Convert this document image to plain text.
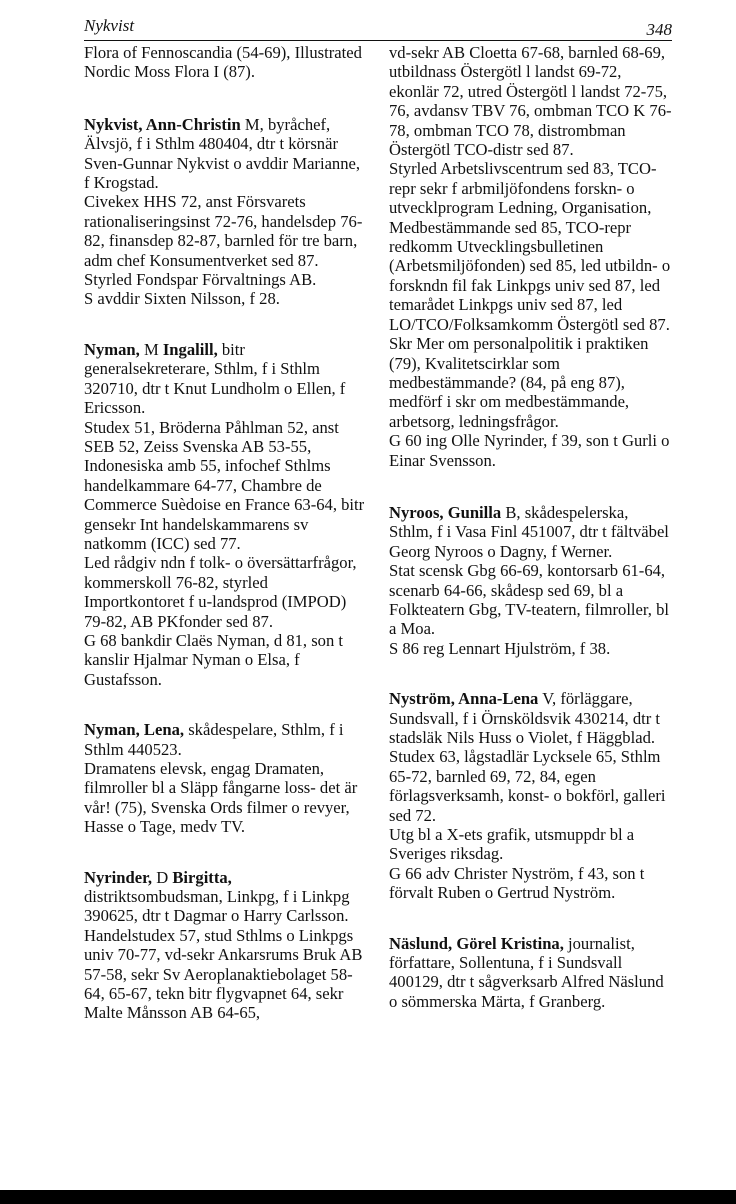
Nykvist	348

Flora of Fennoscandia (54-69), Illustrated Nordic Moss Flora I (87).

Nykvist, Ann-Christin M, byråchef, Älvsjö, f i Sthlm 480404, dtr t körsnär Sven-Gunnar Nykvist o avddir Marianne, f Krogstad.

Civekex HHS 72, anst Försvarets rationaliseringsinst 72-76, handelsdep 76-82, finansdep 82-87, barnled för tre barn, adm chef Konsumentverket sed 87.

Styrled Fondspar Förvaltnings AB.

S avddir Sixten Nilsson, f 28.

Nyman, M Ingalill, bitr generalsekreterare, Sthlm, f i Sthlm 320710, dtr t Knut Lundholm o Ellen, f Ericsson.

Studex 51, Bröderna Påhlman 52, anst SEB 52, Zeiss Svenska AB 53-55, Indonesiska amb 55, infochef Sthlms handelkammare 64-77, Chambre de Commerce Suèdoise en France 63-64, bitr gensekr Int handelskammarens sv natkomm (ICC) sed 77.

Led rådgiv ndn f tolk- o översättarfrågor, kommerskoll 76-82, styrled Importkontoret f u-landsprod (IMPOD) 79-82, AB PKfonder sed 87.

G 68 bankdir Claës Nyman, d 81, son t kanslir Hjalmar Nyman o Elsa, f Gustafsson.

Nyman, Lena, skådespelare, Sthlm, f i Sthlm 440523.

Dramatens elevsk, engag Dramaten, filmroller bl a Släpp fångarne loss- det är vår! (75), Svenska Ords filmer o revyer, Hasse o Tage, medv TV.

Nyrinder, D Birgitta, distriktsombudsman, Linkpg, f i Linkpg 390625, dtr t Dagmar o Harry Carlsson.

Handelstudex 57, stud Sthlms o Linkpgs univ 70-77, vd-sekr Ankarsrums Bruk AB 57-58, sekr Sv Aeroplanaktiebolaget 58-64, 65-67, tekn bitr flygvapnet 64, sekr Malte Månsson AB 64-65,

vd-sekr AB Cloetta 67-68, barnled 68-69, utbildnass Östergötl l landst 69-72, ekonlär 72, utred Östergötl l landst 72-75, 76, avdansv TBV 76, ombman TCO K 76-78, ombman TCO 78, distrombman Östergötl TCO-distr sed 87.

Styrled Arbetslivscentrum sed 83, TCO-repr sekr f arbmiljöfondens forskn- o utvecklprogram Ledning, Organisation, Medbestämmande sed 85, TCO-repr redkomm Utvecklingsbulletinen (Arbetsmiljöfonden) sed 85, led utbildn- o forskndn fil fak Linkpgs univ sed 87, led temarådet Linkpgs univ sed 87, led LO/TCO/Folksamkomm Östergötl sed 87.

Skr Mer om personalpolitik i praktiken (79), Kvalitetscirklar som medbestämmande? (84, på eng 87), medförf i skr om medbestämmande, arbetsorg, ledningsfrågor.

G 60 ing Olle Nyrinder, f 39, son t Gurli o Einar Svensson.

Nyroos, Gunilla B, skådespelerska, Sthlm, f i Vasa Finl 451007, dtr t fältväbel Georg Nyroos o Dagny, f Werner.

Stat scensk Gbg 66-69, kontorsarb 61-64, scenarb 64-66, skådesp sed 69, bl a Folkteatern Gbg, TV-teatern, filmroller, bl a Moa.

S 86 reg Lennart Hjulström, f 38.

Nyström, Anna-Lena V, förläggare, Sundsvall, f i Örnsköldsvik 430214, dtr t stadsläk Nils Huss o Violet, f Häggblad.

Studex 63, lågstadlär Lycksele 65, Sthlm 65-72, barnled 69, 72, 84, egen förlagsverksamh, konst- o bokförl, galleri sed 72.

Utg bl a X-ets grafik, utsmuppdr bl a Sveriges riksdag.

G 66 adv Christer Nyström, f 43, son t förvalt Ruben o Gertrud Nyström.

Näslund, Görel Kristina, journalist, författare, Sollentuna, f i Sundsvall 400129, dtr t sågverksarb Alfred Näslund o sömmerska Märta, f Granberg.
